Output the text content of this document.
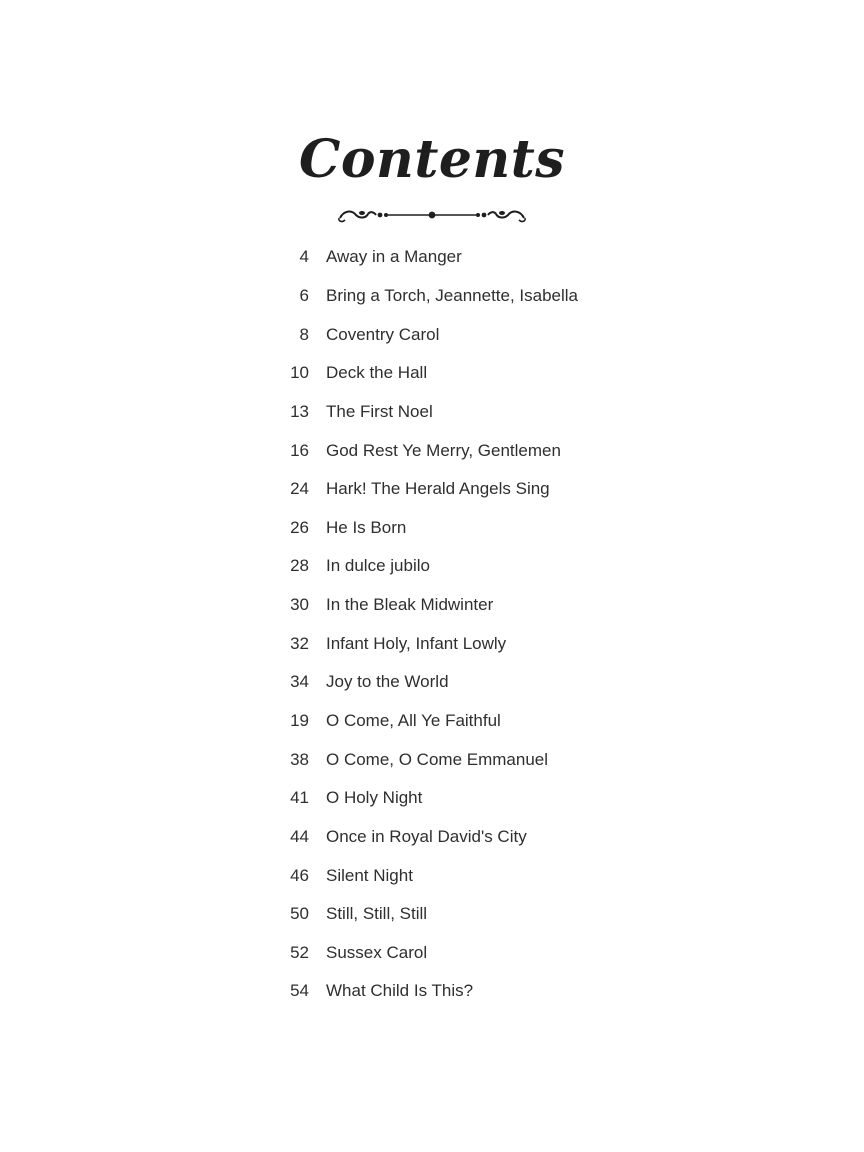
Contents
4 Away in a Manger
6 Bring a Torch, Jeannette, Isabella
8 Coventry Carol
10 Deck the Hall
13 The First Noel
16 God Rest Ye Merry, Gentlemen
24 Hark! The Herald Angels Sing
26 He Is Born
28 In dulce jubilo
30 In the Bleak Midwinter
32 Infant Holy, Infant Lowly
34 Joy to the World
19 O Come, All Ye Faithful
38 O Come, O Come Emmanuel
41 O Holy Night
44 Once in Royal David's City
46 Silent Night
50 Still, Still, Still
52 Sussex Carol
54 What Child Is This?
